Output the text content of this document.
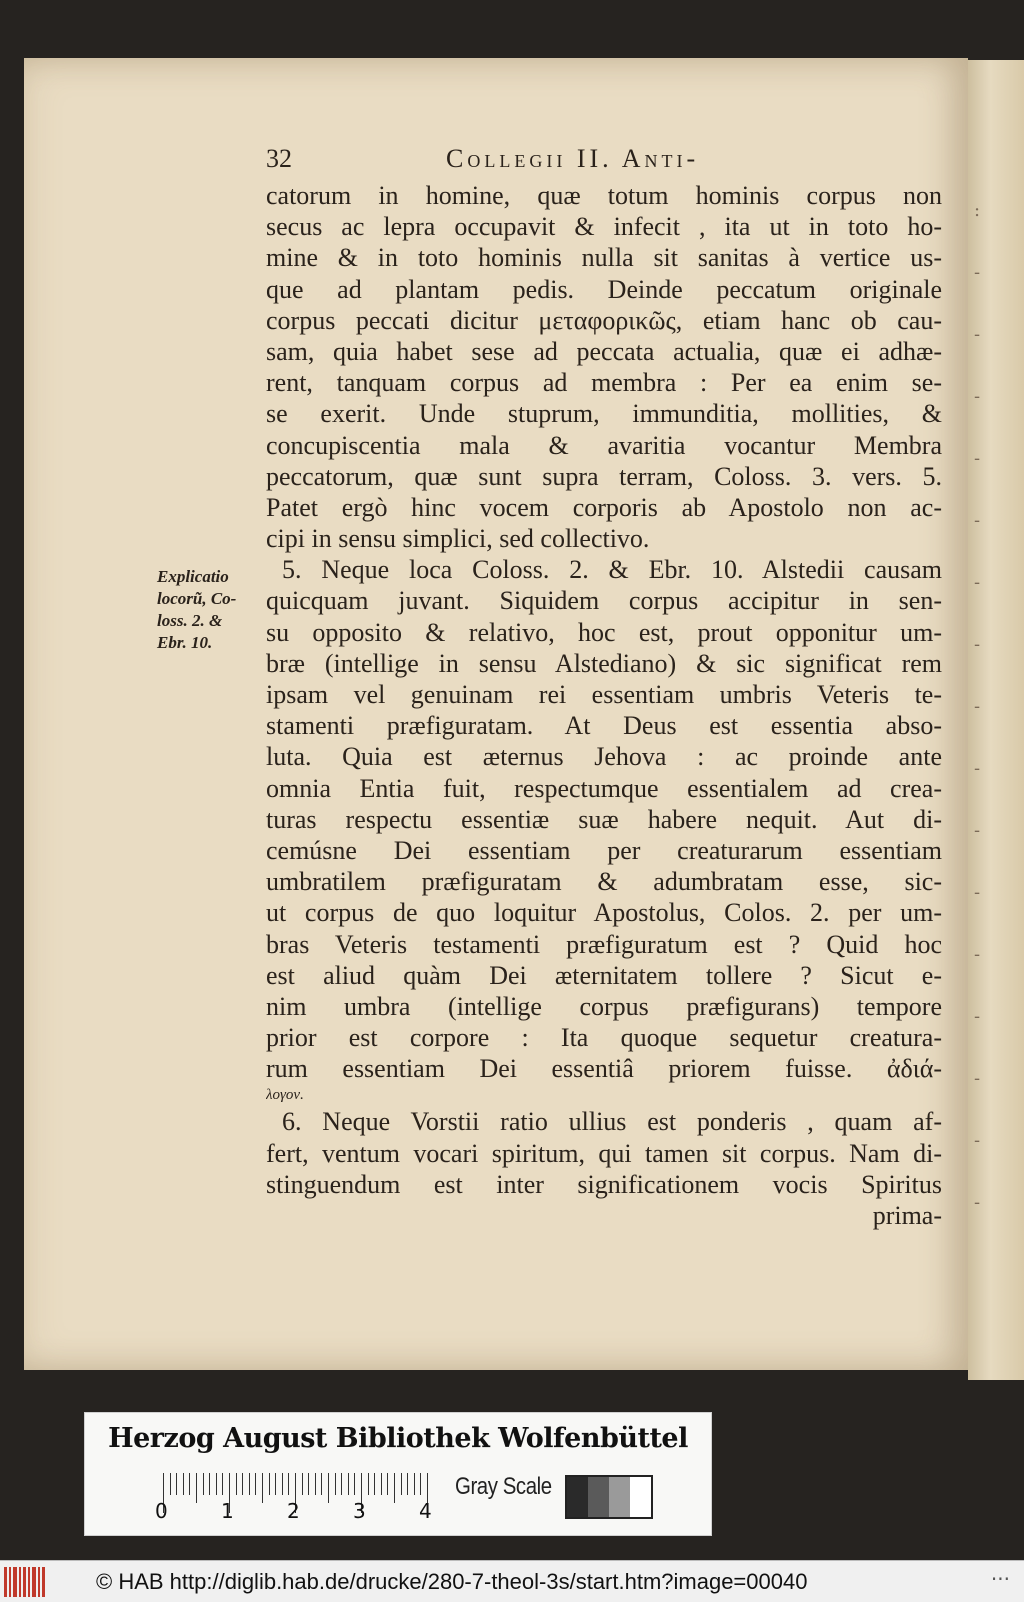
:
-
-
-
-
-
-
-
-
-
-
-
-
-
-
-
-
32	Collegii II. Anti-
catorum in homine, quæ totum hominis corpus non
secus ac lepra occupavit & infecit , ita ut in toto ho-
mine & in toto hominis nulla sit sanitas à vertice us-
que ad plantam pedis. Deinde peccatum originale
corpus peccati dicitur μεταφορικῶς, etiam hanc ob cau-
sam, quia habet sese ad peccata actualia, quæ ei adhæ-
rent, tanquam corpus ad membra : Per ea enim se-
se exerit. Unde stuprum, immunditia, mollities, &
concupiscentia mala & avaritia vocantur Membra
peccatorum, quæ sunt supra terram, Coloss. 3. vers. 5.
Patet ergò hinc vocem corporis ab Apostolo non ac-
cipi in sensu simplici, sed collectivo.
5. Neque loca Coloss. 2. & Ebr. 10. Alstedii causam
quicquam juvant. Siquidem corpus accipitur in sen-
su opposito & relativo, hoc est, prout opponitur um-
bræ (intellige in sensu Alstediano) & sic significat rem
ipsam vel genuinam rei essentiam umbris Veteris te-
stamenti præfiguratam. At Deus est essentia abso-
luta. Quia est æternus Jehova : ac proinde ante
omnia Entia fuit, respectumque essentialem ad crea-
turas respectu essentiæ suæ habere nequit. Aut di-
cemúsne Dei essentiam per creaturarum essentiam
umbratilem præfiguratam & adumbratam esse, sic-
ut corpus de quo loquitur Apostolus, Colos. 2. per um-
bras Veteris testamenti præfiguratum est ? Quid hoc
est aliud quàm Dei æternitatem tollere ? Sicut e-
nim umbra (intellige corpus præfigurans) tempore
prior est corpore : Ita quoque sequetur creatura-
rum essentiam Dei essentiâ priorem fuisse. ἀδιά-
λογον.
6. Neque Vorstii ratio ullius est ponderis , quam af-
fert, ventum vocari spiritum, qui tamen sit corpus. Nam di-
stinguendum est inter significationem vocis Spiritus
prima-
Explicatio
locorũ, Co-
loss. 2. &
Ebr. 10.
Herzog August Bibliothek Wolfenbüttel
0	1	2	3	4
Gray Scale
© HAB http://diglib.hab.de/drucke/280-7-theol-3s/start.htm?image=00040	···
